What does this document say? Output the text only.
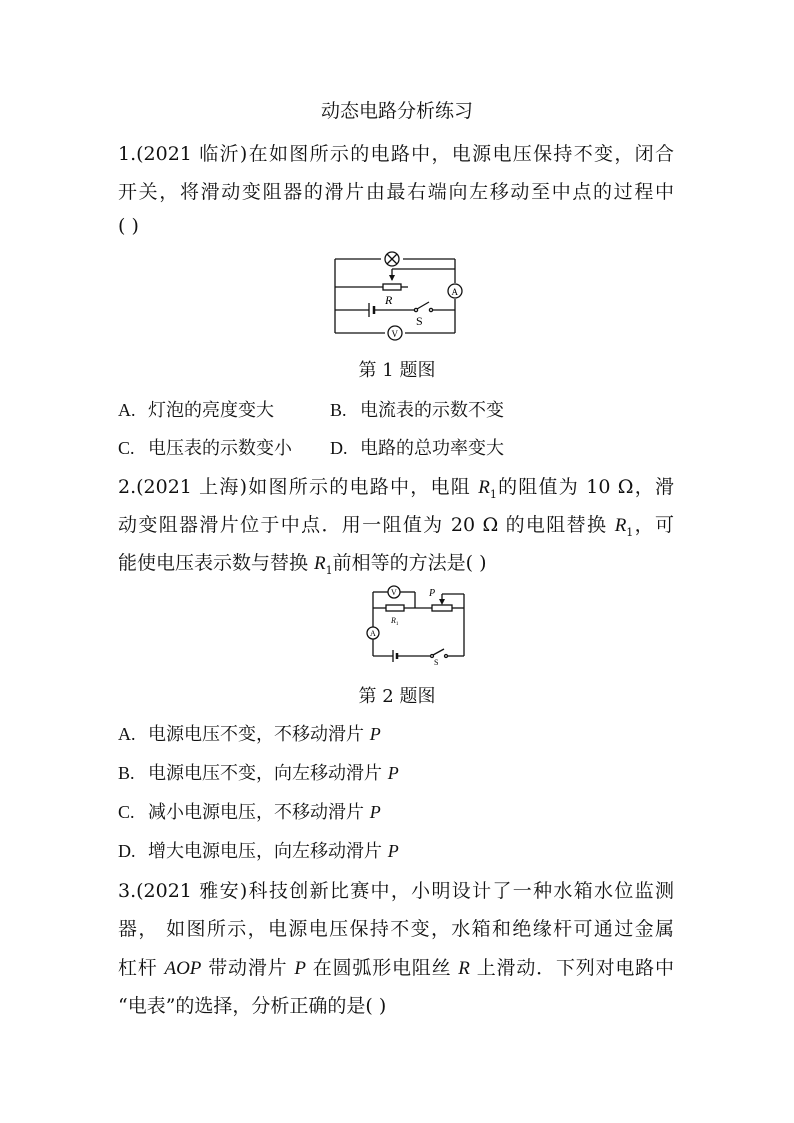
动态电路分析练习
1.(2021 临沂)在如图所示的电路中，电源电压保持不变，闭合
开关，将滑动变阻器的滑片由最右端向左移动至中点的过程中
( )
R
S
A
V
第 1 题图
A. 灯泡的亮度变大	B. 电流表的示数不变
C. 电压表的示数变小 D. 电路的总功率变大
2.(2021 上海)如图所示的电路中，电阻 $R_1$的阻值为 10 Ω，滑
动变阻器滑片位于中点．用一阻值为 20 Ω 的电阻替换 $R_1$，可
能使电压表示数与替换 $R_1$前相等的方法是( )
V
A
P
$R_1$
S
第 2 题图
A. 电源电压不变，不移动滑片 P
B. 电源电压不变，向左移动滑片 P
C. 减小电源电压，不移动滑片 P
D. 增大电源电压，向左移动滑片 P
3.(2021 雅安)科技创新比赛中，小明设计了一种水箱水位监测
器， 如图所示，电源电压保持不变，水箱和绝缘杆可通过金属
杠杆 AOP 带动滑片 P 在圆弧形电阻丝 R 上滑动．下列对电路中
“电表”的选择，分析正确的是( )
